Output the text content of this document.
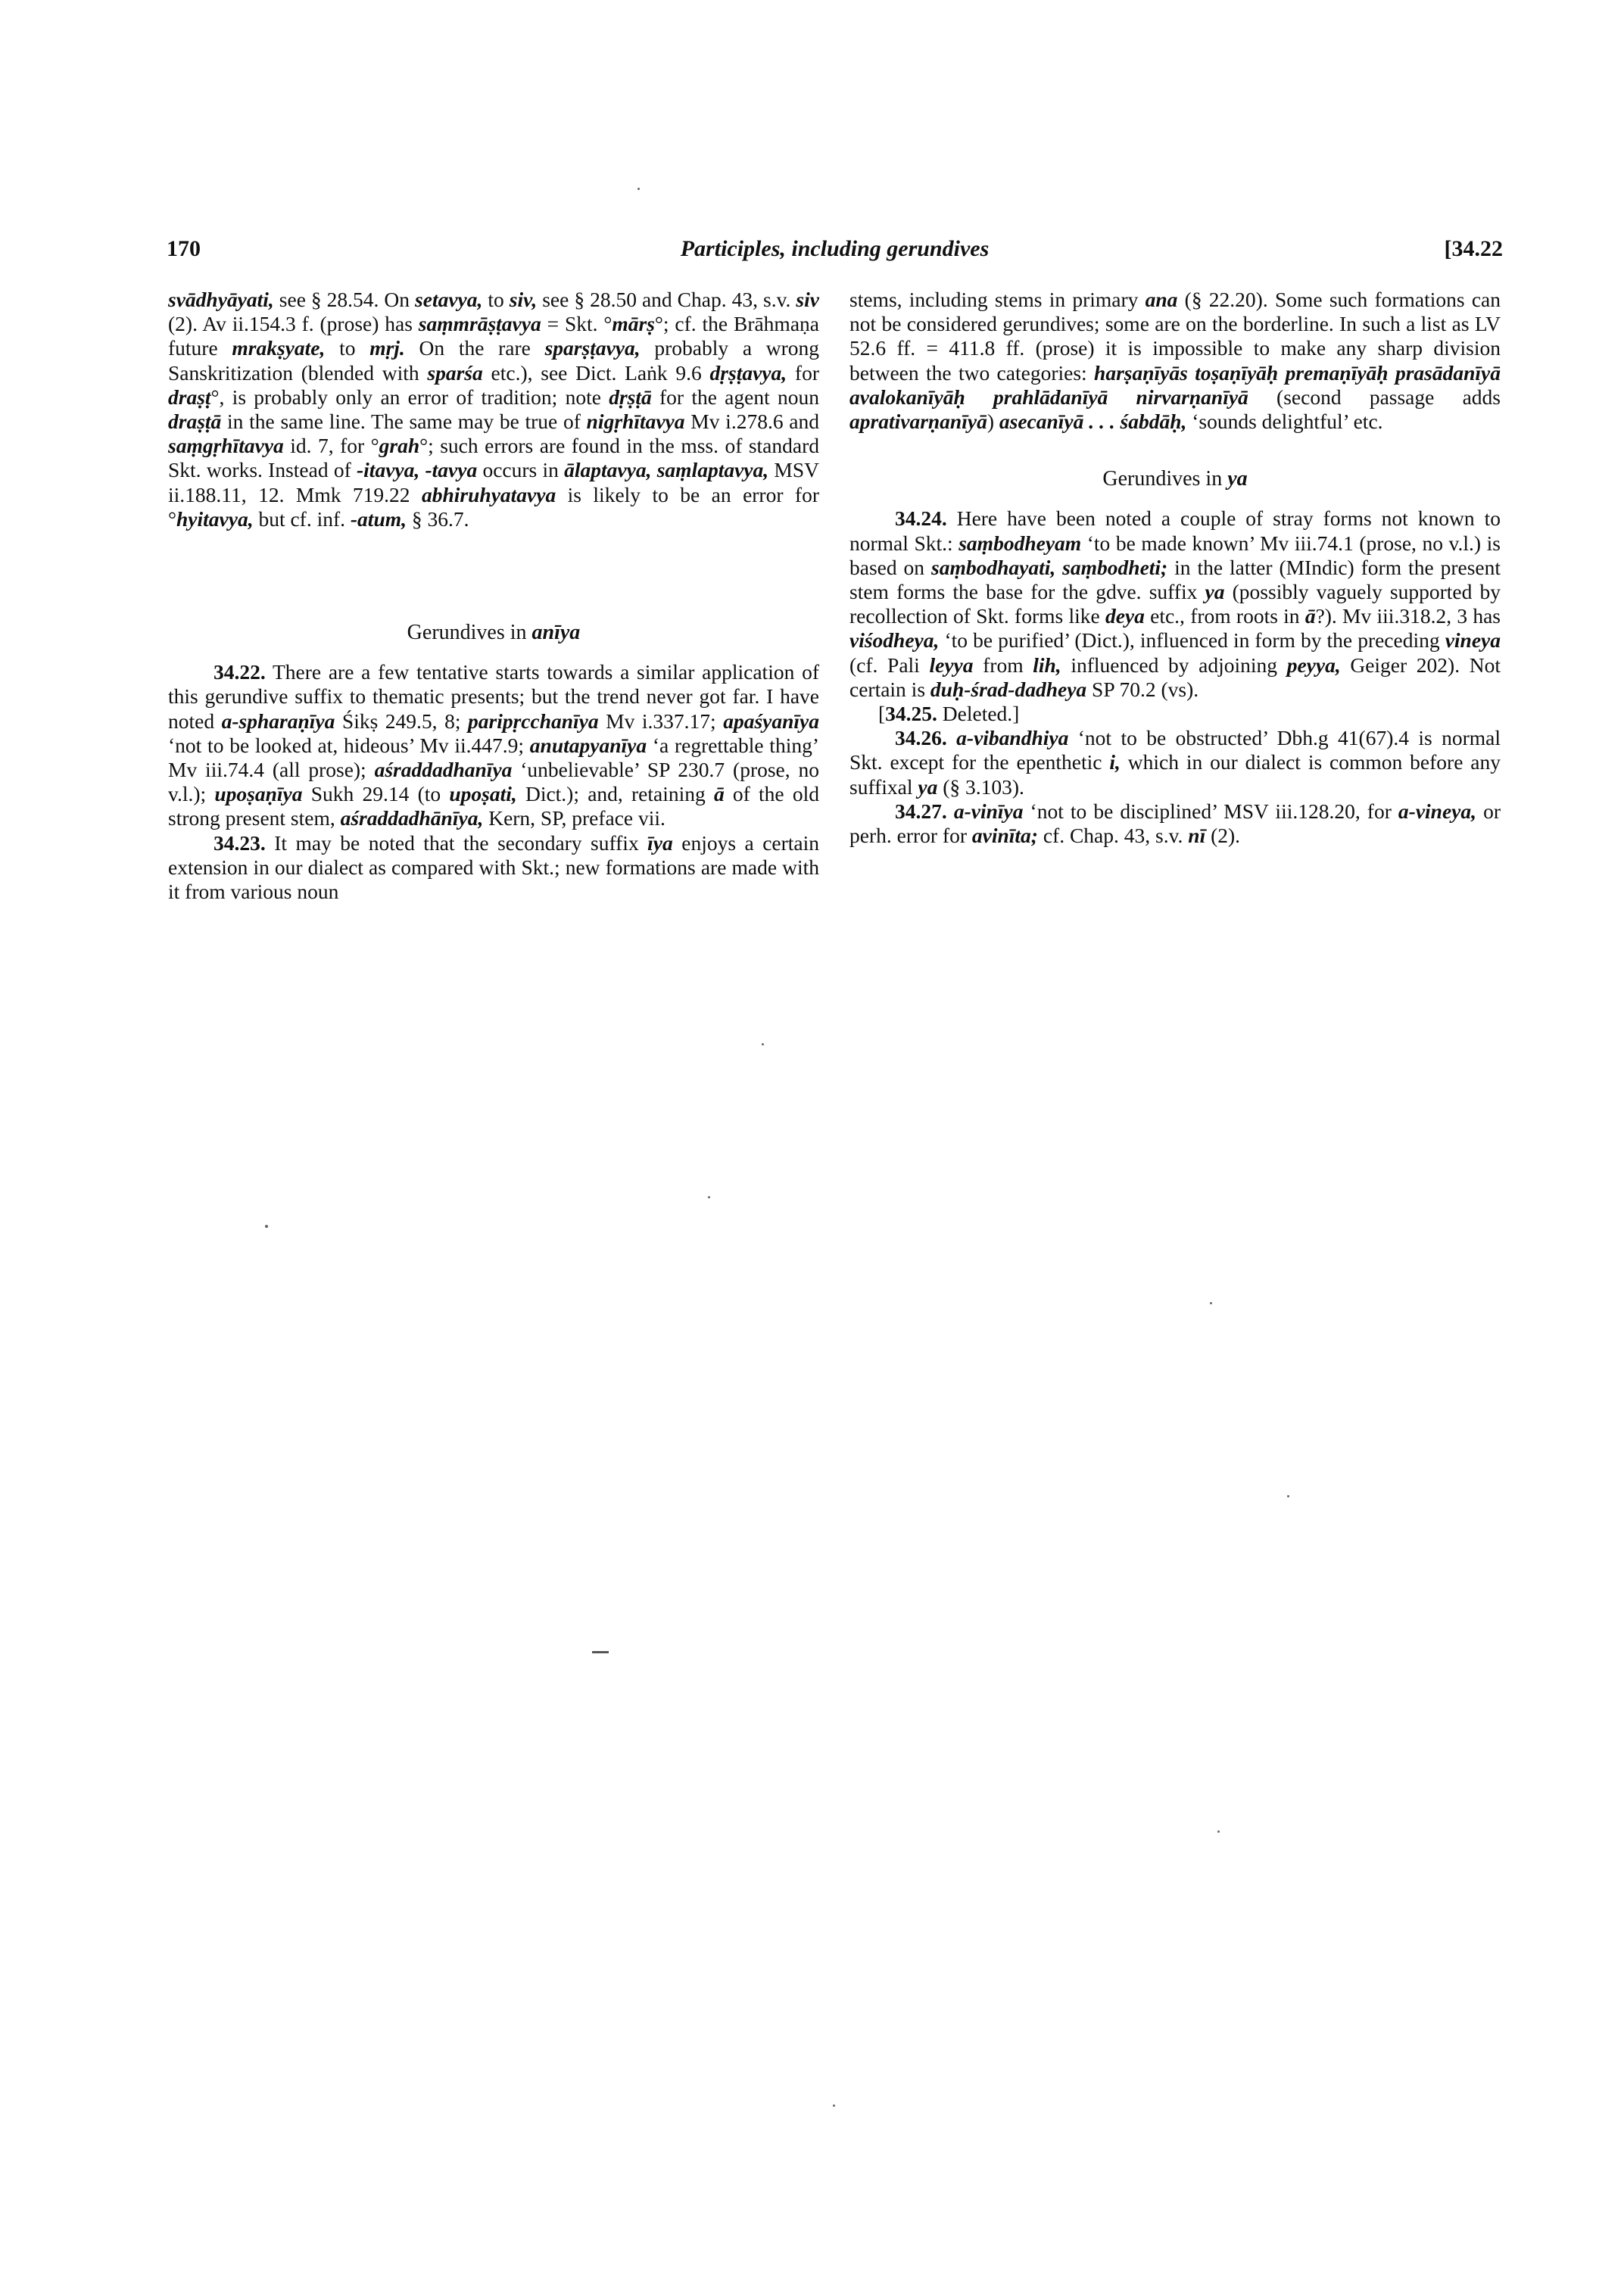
170	Participles, including gerundives	[34.22

svādhyāyati, see § 28.54. On setavya, to siv, see § 28.50 and Chap. 43, s.v. siv (2). Av ii.154.3 f. (prose) has saṃmrāṣṭavya = Skt. °mārṣ°; cf. the Brāhmaṇa future mrakṣyate, to mṛj. On the rare sparṣṭavya, probably a wrong Sanskritization (blended with sparśa etc.), see Dict. Laṅk 9.6 dṛṣṭavya, for draṣṭ°, is probably only an error of tradition; note dṛṣṭā for the agent noun draṣṭā in the same line. The same may be true of nigṛhītavya Mv i.278.6 and saṃgṛhītavya id. 7, for °grah°; such errors are found in the mss. of standard Skt. works. Instead of -itavya, -tavya occurs in ālaptavya, saṃlaptavya, MSV ii.188.11, 12. Mmk 719.22 abhiruhyatavya is likely to be an error for °hyitavya, but cf. inf. -atum, § 36.7.

Gerundives in anīya

34.22. There are a few tentative starts towards a similar application of this gerundive suffix to thematic presents; but the trend never got far. I have noted a-spharaṇīya Śikṣ 249.5, 8; paripṛcchanīya Mv i.337.17; apaśyanīya ‘not to be looked at, hideous’ Mv ii.447.9; anutapyanīya ‘a regrettable thing’ Mv iii.74.4 (all prose); aśraddadhanīya ‘unbelievable’ SP 230.7 (prose, no v.l.); upoṣaṇīya Sukh 29.14 (to upoṣati, Dict.); and, retaining ā of the old strong present stem, aśraddadhānīya, Kern, SP, preface vii.

34.23. It may be noted that the secondary suffix īya enjoys a certain extension in our dialect as compared with Skt.; new formations are made with it from various noun

stems, including stems in primary ana (§ 22.20). Some such formations can not be considered gerundives; some are on the borderline. In such a list as LV 52.6 ff. = 411.8 ff. (prose) it is impossible to make any sharp division between the two categories: harṣaṇīyās toṣaṇīyāḥ premaṇīyāḥ prasādanīyā avalokanīyāḥ prahlādanīyā nirvarṇanīyā (second passage adds aprativarṇanīyā) asecanīyā . . . śabdāḥ, ‘sounds delightful’ etc.

Gerundives in ya

34.24. Here have been noted a couple of stray forms not known to normal Skt.: saṃbodheyam ‘to be made known’ Mv iii.74.1 (prose, no v.l.) is based on saṃbodhayati, saṃbodheti; in the latter (MIndic) form the present stem forms the base for the gdve. suffix ya (possibly vaguely supported by recollection of Skt. forms like deya etc., from roots in ā?). Mv iii.318.2, 3 has viśodheya, ‘to be purified’ (Dict.), influenced in form by the preceding vineya (cf. Pali leyya from lih, influenced by adjoining peyya, Geiger 202). Not certain is duḥ-śrad-dadheya SP 70.2 (vs).

[34.25. Deleted.]

34.26. a-vibandhiya ‘not to be obstructed’ Dbh.g 41(67).4 is normal Skt. except for the epenthetic i, which in our dialect is common before any suffixal ya (§ 3.103).

34.27. a-vinīya ‘not to be disciplined’ MSV iii.128.20, for a-vineya, or perh. error for avinīta; cf. Chap. 43, s.v. nī (2).
